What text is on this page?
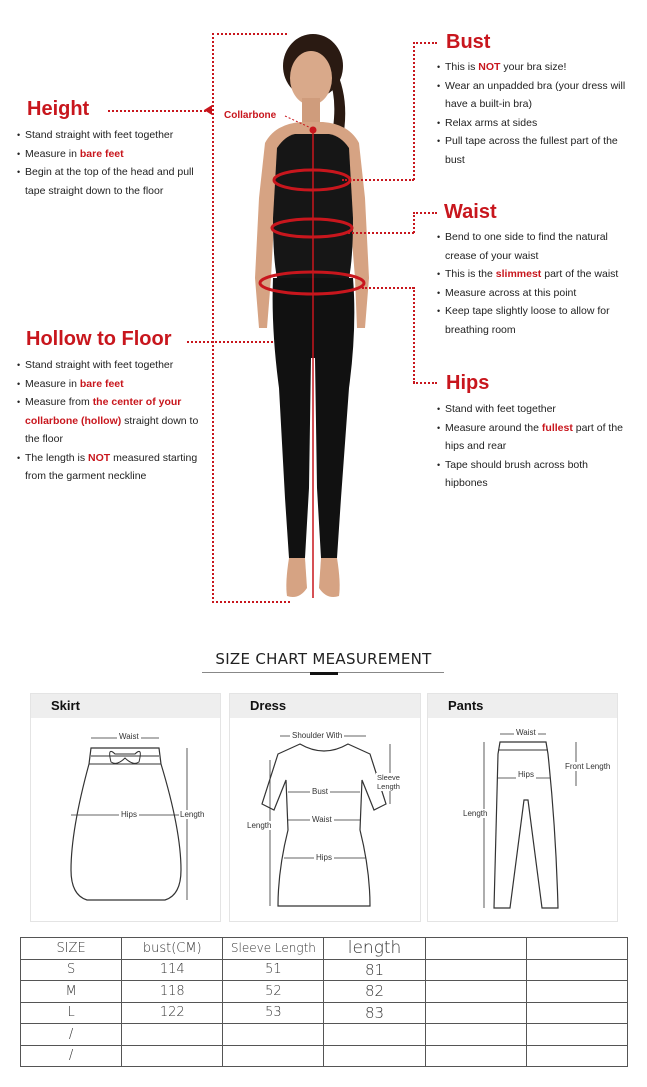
Height
• Stand straight with feet together
• Measure in bare feet
• Begin at the top of the head and pull tape straight down to the floor
Collarbone
Hollow to Floor
• Stand straight with feet together
• Measure in bare feet
• Measure from the center of your collarbone (hollow) straight down to the floor
• The length is NOT measured starting from the garment neckline
Bust
• This is NOT your bra size!
• Wear an unpadded bra (your dress will have a built-in bra)
• Relax arms at sides
• Pull tape across the fullest part of the bust
Waist
• Bend to one side to find the natural crease of your waist
• This is the slimmest part of the waist
• Measure across at this point
• Keep tape slightly loose to allow for breathing room
Hips
• Stand with feet together
• Measure around the fullest part of the hips and rear
• Tape should brush across both hipbones
SIZE CHART MEASUREMENT
Skirt
Waist
Hips	Length
Dress
Shoulder With
Sleeve Length
Bust
Waist
Length
Hips
Pants
Waist
Hips
Front Length
Length
SIZE	bust(CM)	Sleeve Length	length		
S	114	51	81		
M	118	52	82		
L	122	53	83		
/					
/					
